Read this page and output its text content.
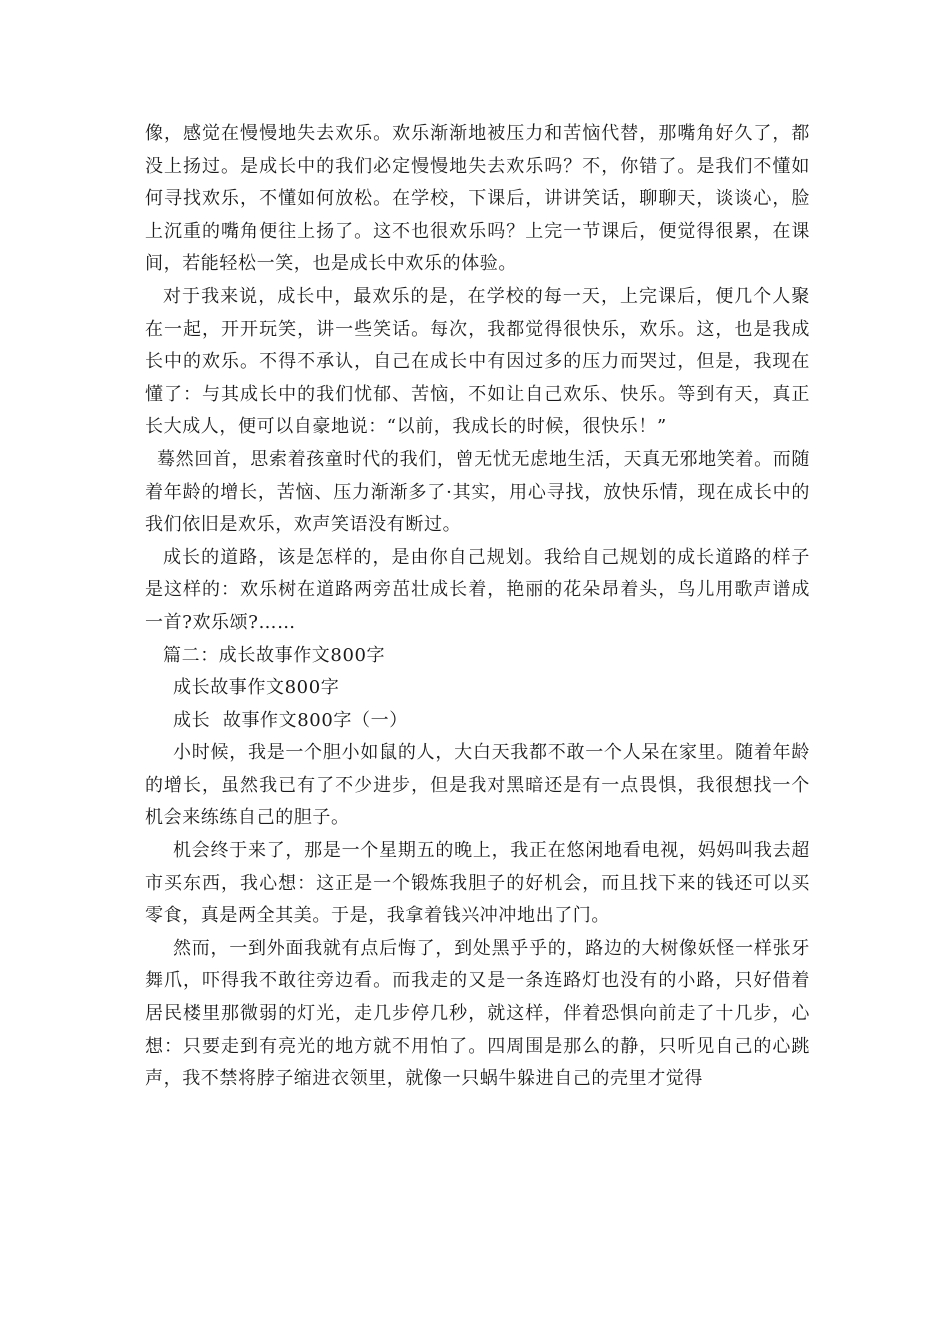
像，感觉在慢慢地失去欢乐。欢乐渐渐地被压力和苦恼代替，那嘴角好久了，都没上扬过。是成长中的我们必定慢慢地失去欢乐吗？不，你错了。是我们不懂如何寻找欢乐，不懂如何放松。在学校，下课后，讲讲笑话，聊聊天，谈谈心，脸上沉重的嘴角便往上扬了。这不也很欢乐吗？上完一节课后，便觉得很累，在课间，若能轻松一笑，也是成长中欢乐的体验。

对于我来说，成长中，最欢乐的是，在学校的每一天，上完课后，便几个人聚在一起，开开玩笑，讲一些笑话。每次，我都觉得很快乐，欢乐。这，也是我成长中的欢乐。不得不承认，自己在成长中有因过多的压力而哭过，但是，我现在懂了：与其成长中的我们忧郁、苦恼，不如让自己欢乐、快乐。等到有天，真正长大成人，便可以自豪地说：“以前，我成长的时候，很快乐！”

蓦然回首，思索着孩童时代的我们，曾无忧无虑地生活，天真无邪地笑着。而随着年龄的增长，苦恼、压力渐渐多了·其实，用心寻找，放快乐情，现在成长中的我们依旧是欢乐，欢声笑语没有断过。

成长的道路，该是怎样的，是由你自己规划。我给自己规划的成长道路的样子是这样的：欢乐树在道路两旁茁壮成长着，艳丽的花朵昂着头，鸟儿用歌声谱成一首?欢乐颂?……

篇二：成长故事作文800字

成长故事作文800字

成长  故事作文800字（一）

小时候，我是一个胆小如鼠的人，大白天我都不敢一个人呆在家里。随着年龄的增长，虽然我已有了不少进步，但是我对黑暗还是有一点畏惧，我很想找一个机会来练练自己的胆子。

机会终于来了，那是一个星期五的晚上，我正在悠闲地看电视，妈妈叫我去超市买东西，我心想：这正是一个锻炼我胆子的好机会，而且找下来的钱还可以买零食，真是两全其美。于是，我拿着钱兴冲冲地出了门。

然而，一到外面我就有点后悔了，到处黑乎乎的，路边的大树像妖怪一样张牙舞爪，吓得我不敢往旁边看。而我走的又是一条连路灯也没有的小路，只好借着居民楼里那微弱的灯光，走几步停几秒，就这样，伴着恐惧向前走了十几步，心想：只要走到有亮光的地方就不用怕了。四周围是那么的静，只听见自己的心跳声，我不禁将脖子缩进衣领里，就像一只蜗牛躲进自己的壳里才觉得
